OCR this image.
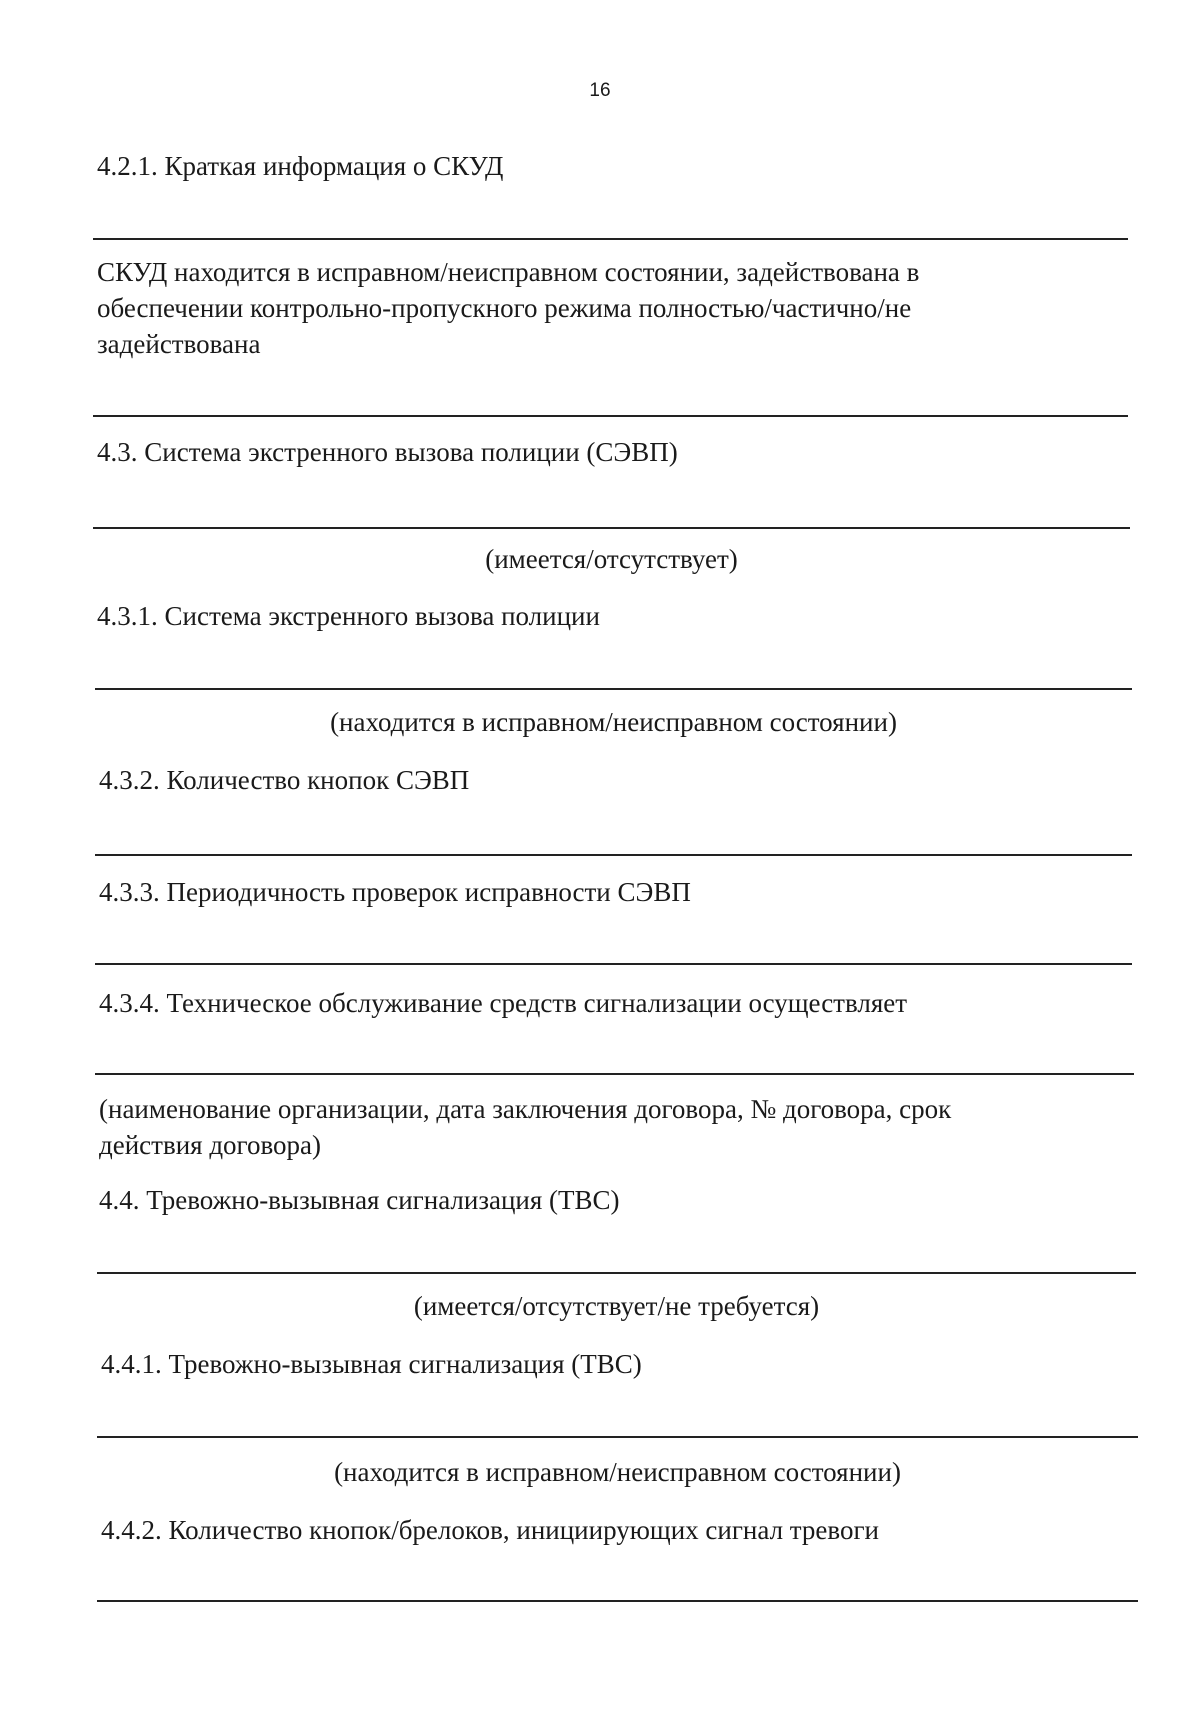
16
4.2.1. Краткая информация о СКУД
СКУД находится в исправном/неисправном состоянии, задействована в обеспечении контрольно-пропускного режима полностью/частично/не задействована
4.3. Система экстренного вызова полиции (СЭВП)
(имеется/отсутствует)
4.3.1. Система экстренного вызова полиции
(находится в исправном/неисправном состоянии)
4.3.2. Количество кнопок СЭВП
4.3.3. Периодичность проверок исправности СЭВП
4.3.4. Техническое обслуживание средств сигнализации осуществляет
(наименование организации, дата заключения договора, № договора, срок действия договора)
4.4. Тревожно-вызывная сигнализация (ТВС)
(имеется/отсутствует/не требуется)
4.4.1. Тревожно-вызывная сигнализация (ТВС)
(находится в исправном/неисправном состоянии)
4.4.2. Количество кнопок/брелоков, инициирующих сигнал тревоги
